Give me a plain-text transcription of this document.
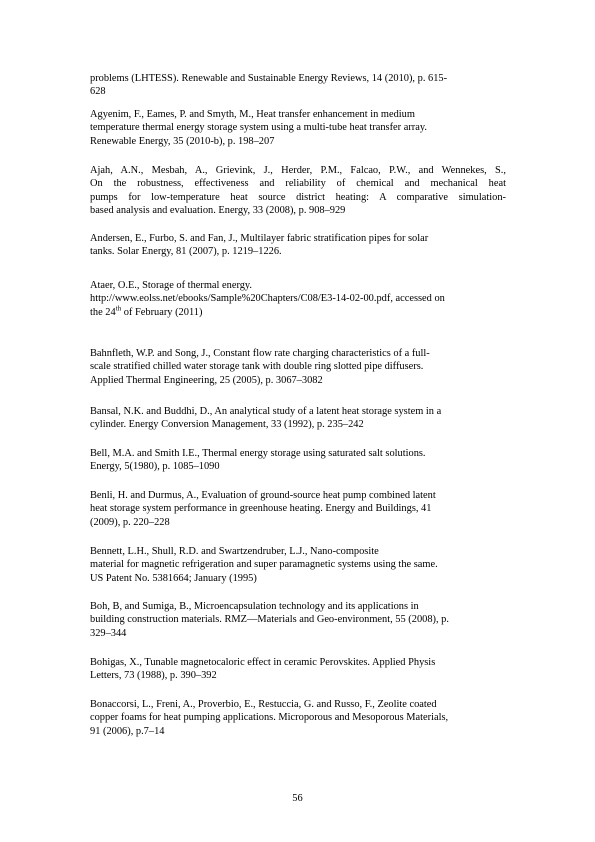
problems (LHTESS). Renewable and Sustainable Energy Reviews, 14 (2010), p. 615-
628
Agyenim, F., Eames, P. and Smyth, M., Heat transfer enhancement in medium
temperature thermal energy storage system using a multi-tube heat transfer array.
Renewable Energy, 35 (2010-b), p. 198–207
Ajah, A.N., Mesbah, A., Grievink, J., Herder, P.M., Falcao, P.W., and Wennekes, S.,
On the robustness, effectiveness and reliability of chemical and mechanical heat
pumps for low-temperature heat source district heating: A comparative simulation-
based analysis and evaluation. Energy, 33 (2008), p. 908–929
Andersen, E., Furbo, S. and Fan, J., Multilayer fabric stratification pipes for solar
tanks. Solar Energy, 81 (2007), p. 1219–1226.
Ataer, O.E., Storage of thermal energy.
http://www.eolss.net/ebooks/Sample%20Chapters/C08/E3-14-02-00.pdf, accessed on
the 24th of February (2011)
Bahnfleth, W.P. and Song, J., Constant flow rate charging characteristics of a full-
scale stratified chilled water storage tank with double ring slotted pipe diffusers.
Applied Thermal Engineering, 25 (2005), p. 3067–3082
Bansal, N.K. and Buddhi, D., An analytical study of a latent heat storage system in a
cylinder. Energy Conversion Management, 33 (1992), p. 235–242
Bell, M.A. and Smith I.E., Thermal energy storage using saturated salt solutions.
Energy, 5(1980), p. 1085–1090
Benli, H. and Durmus, A., Evaluation of ground-source heat pump combined latent
heat storage system performance in greenhouse heating. Energy and Buildings, 41
(2009), p. 220–228
Bennett, L.H., Shull, R.D. and Swartzendruber, L.J., Nano-composite
material for magnetic refrigeration and super paramagnetic systems using the same.
US Patent No. 5381664; January (1995)
Boh, B, and Sumiga, B., Microencapsulation technology and its applications in
building construction materials. RMZ—Materials and Geo-environment, 55 (2008), p.
329–344
Bohigas, X., Tunable magnetocaloric effect in ceramic Perovskites. Applied Physis
Letters, 73 (1988), p. 390–392
Bonaccorsi, L., Freni, A., Proverbio, E., Restuccia, G. and Russo, F., Zeolite coated
copper foams for heat pumping applications. Microporous and Mesoporous Materials,
91 (2006), p.7–14
56
